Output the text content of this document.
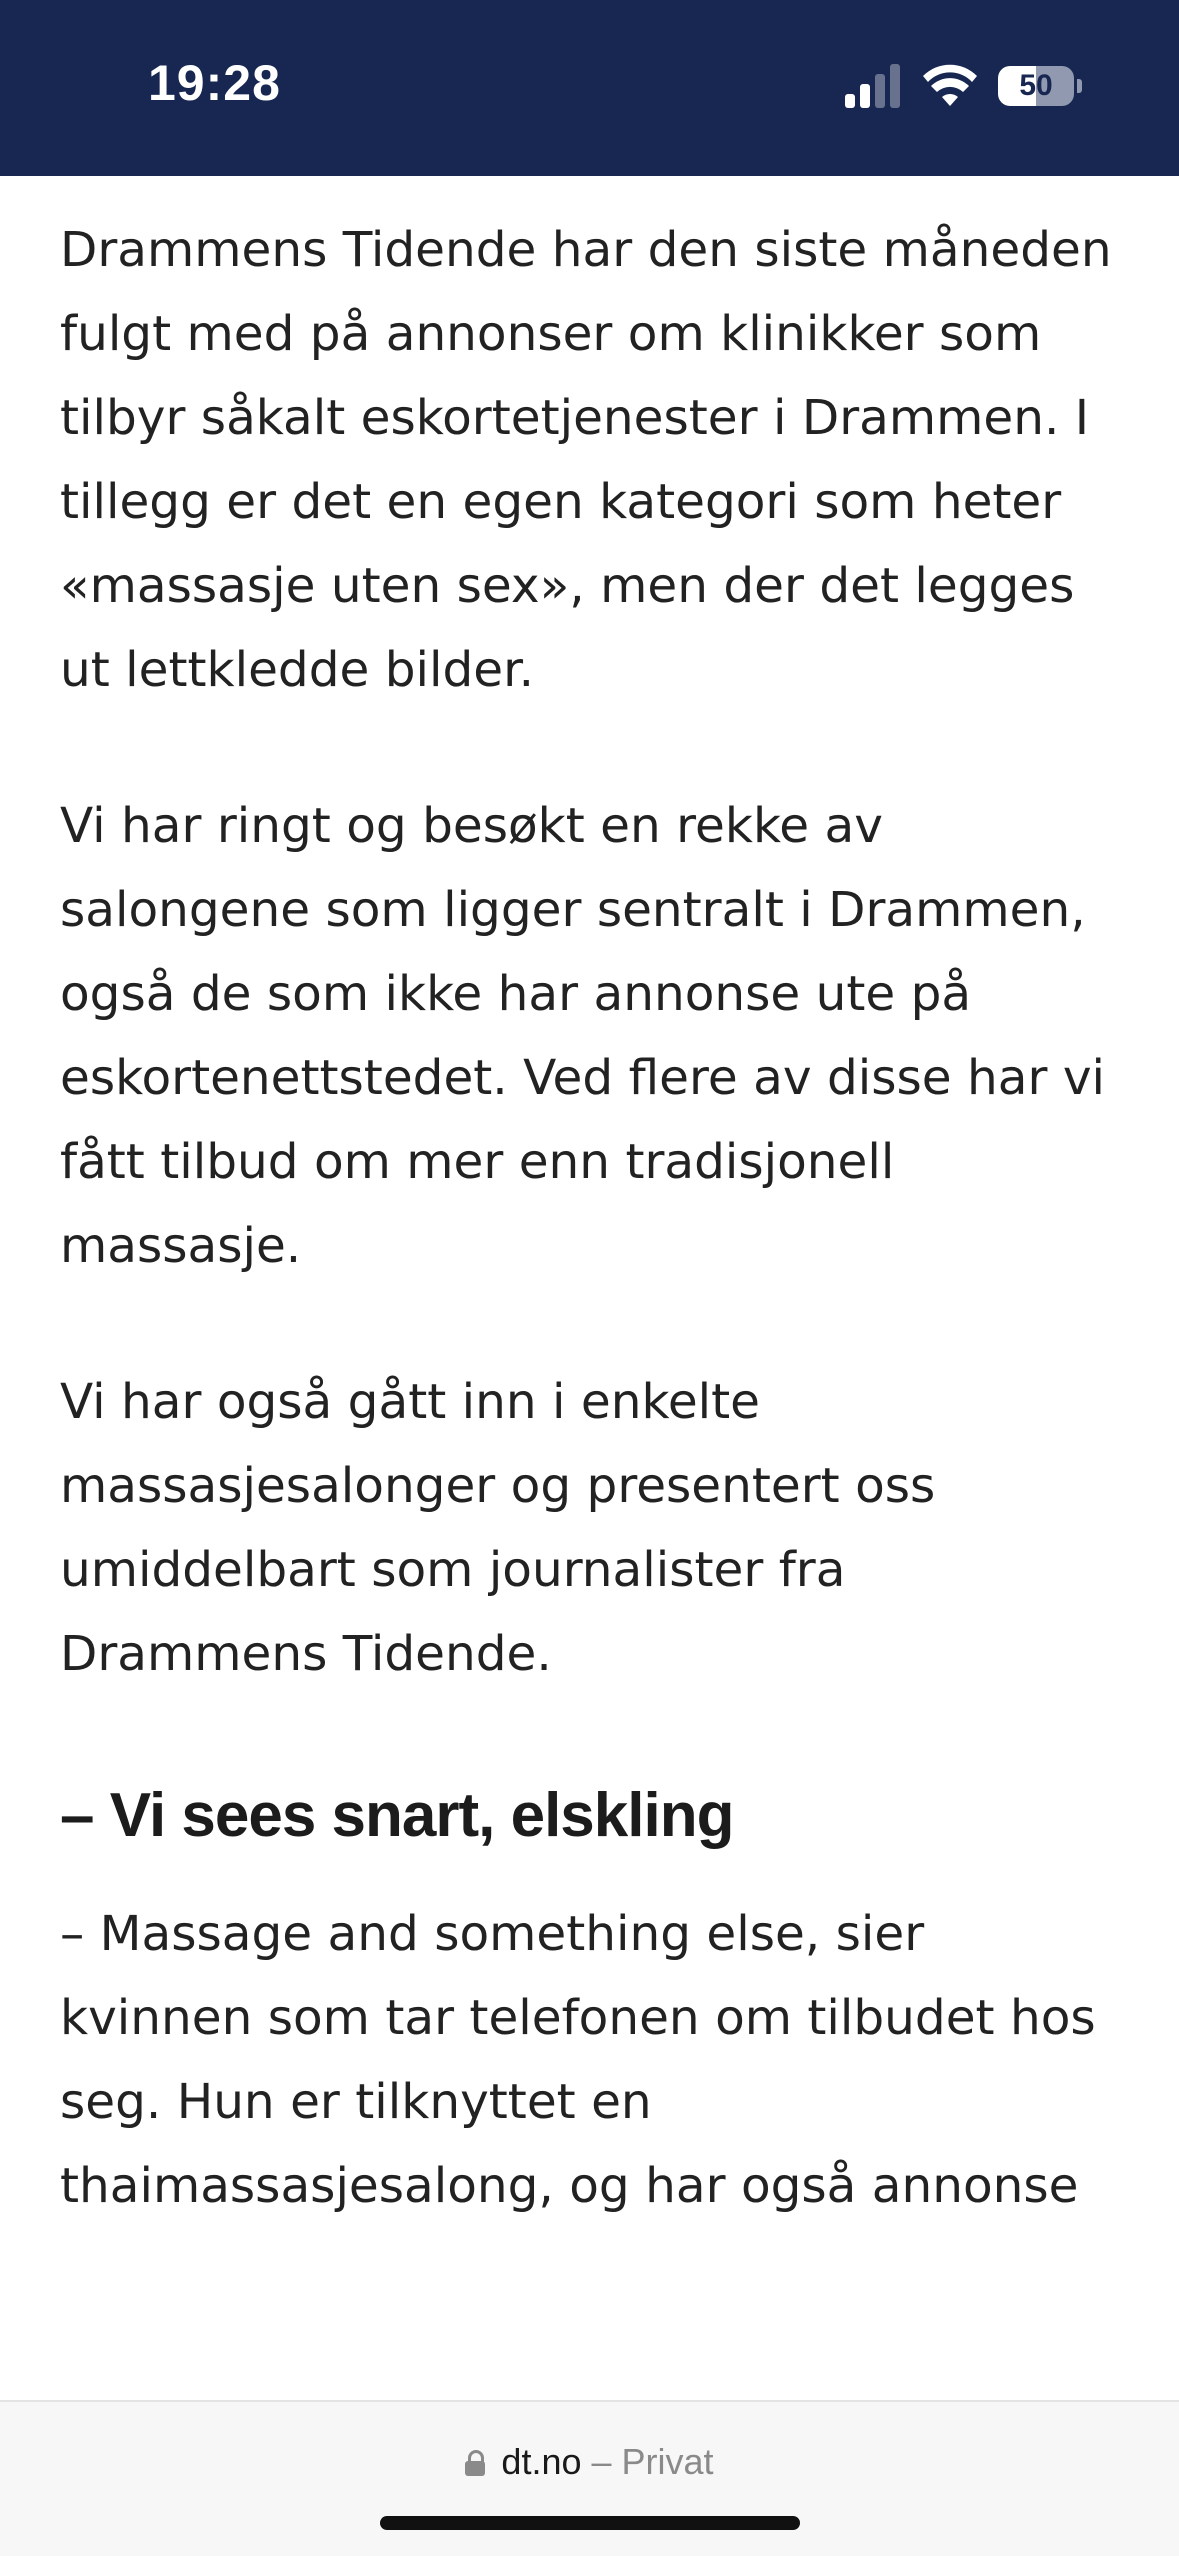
19:28	50

Drammens Tidende har den siste måneden fulgt med på annonser om klinikker som tilbyr såkalt eskortetjenester i Drammen. I tillegg er det en egen kategori som heter «massasje uten sex», men der det legges ut lettkledde bilder.

Vi har ringt og besøkt en rekke av salongene som ligger sentralt i Drammen, også de som ikke har annonse ute på eskortenettstedet. Ved flere av disse har vi fått tilbud om mer enn tradisjonell massasje.

Vi har også gått inn i enkelte massasjesalonger og presentert oss umiddelbart som journalister fra Drammens Tidende.

– Vi sees snart, elskling

– Massage and something else, sier kvinnen som tar telefonen om tilbudet hos seg. Hun er tilknyttet en thaimassasjesalong, og har også annonse

dt.no – Privat
